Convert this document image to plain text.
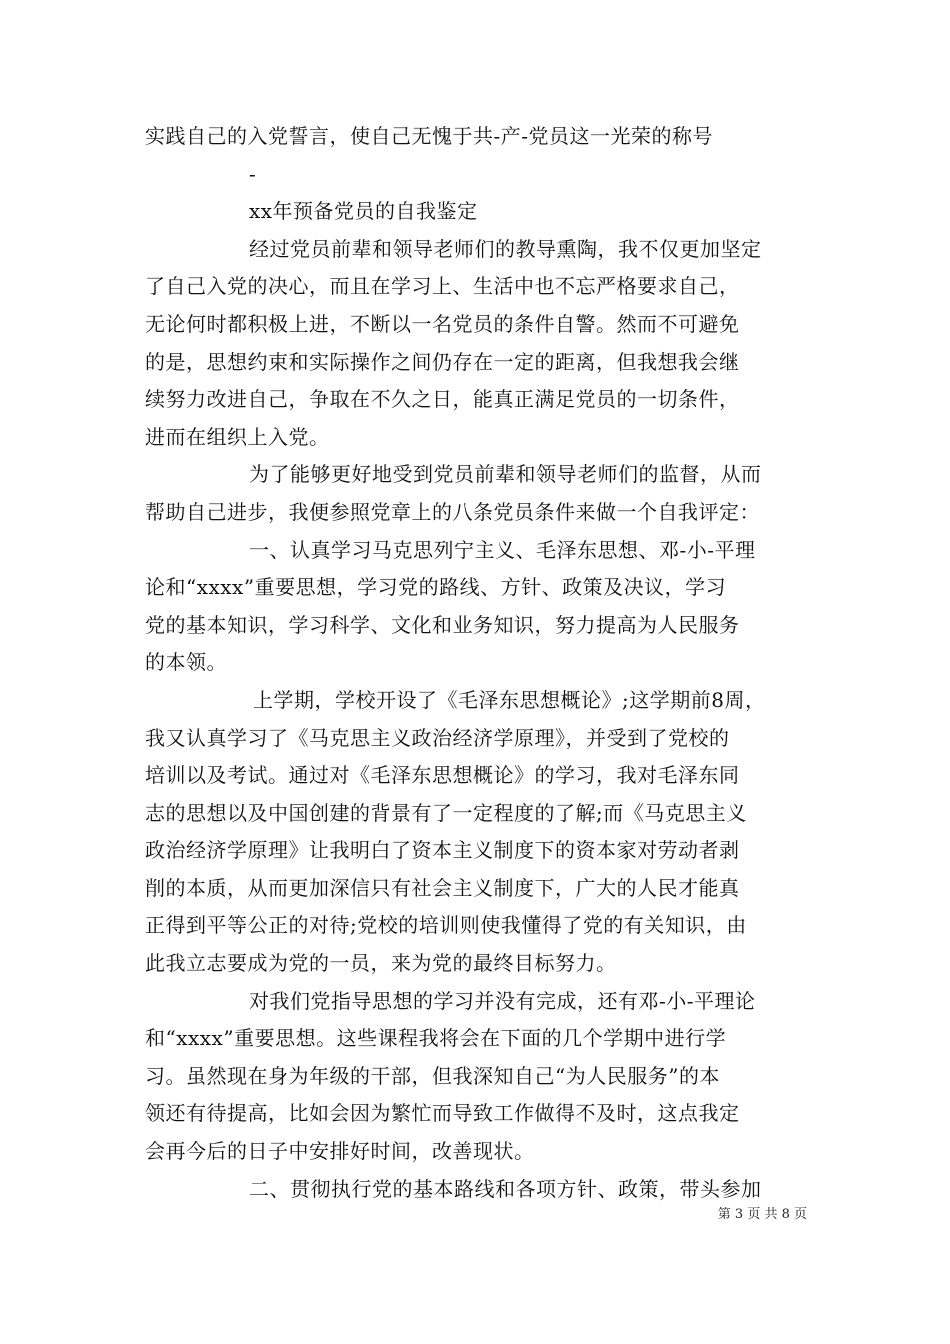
实践自己的入党誓言，使自己无愧于共-产-党员这一光荣的称号
-
xx年预备党员的自我鉴定
经过党员前辈和领导老师们的教导熏陶，我不仅更加坚定
了自己入党的决心，而且在学习上、生活中也不忘严格要求自己，
无论何时都积极上进，不断以一名党员的条件自警。然而不可避免
的是，思想约束和实际操作之间仍存在一定的距离，但我想我会继
续努力改进自己，争取在不久之日，能真正满足党员的一切条件，
进而在组织上入党。
为了能够更好地受到党员前辈和领导老师们的监督，从而
帮助自己进步，我便参照党章上的八条党员条件来做一个自我评定：
一、认真学习马克思列宁主义、毛泽东思想、邓-小-平理
论和“xxxx”重要思想，学习党的路线、方针、政策及决议，学习
党的基本知识，学习科学、文化和业务知识，努力提高为人民服务
的本领。
上学期，学校开设了《毛泽东思想概论》;这学期前8周，
我又认真学习了《马克思主义政治经济学原理》，并受到了党校的
培训以及考试。通过对《毛泽东思想概论》的学习，我对毛泽东同
志的思想以及中国创建的背景有了一定程度的了解;而《马克思主义
政治经济学原理》让我明白了资本主义制度下的资本家对劳动者剥
削的本质，从而更加深信只有社会主义制度下，广大的人民才能真
正得到平等公正的对待;党校的培训则使我懂得了党的有关知识，由
此我立志要成为党的一员，来为党的最终目标努力。
对我们党指导思想的学习并没有完成，还有邓-小-平理论
和“xxxx”重要思想。这些课程我将会在下面的几个学期中进行学
习。虽然现在身为年级的干部，但我深知自己“为人民服务”的本
领还有待提高，比如会因为繁忙而导致工作做得不及时，这点我定
会再今后的日子中安排好时间，改善现状。
二、贯彻执行党的基本路线和各项方针、政策，带头参加
第 3 页 共 8 页
